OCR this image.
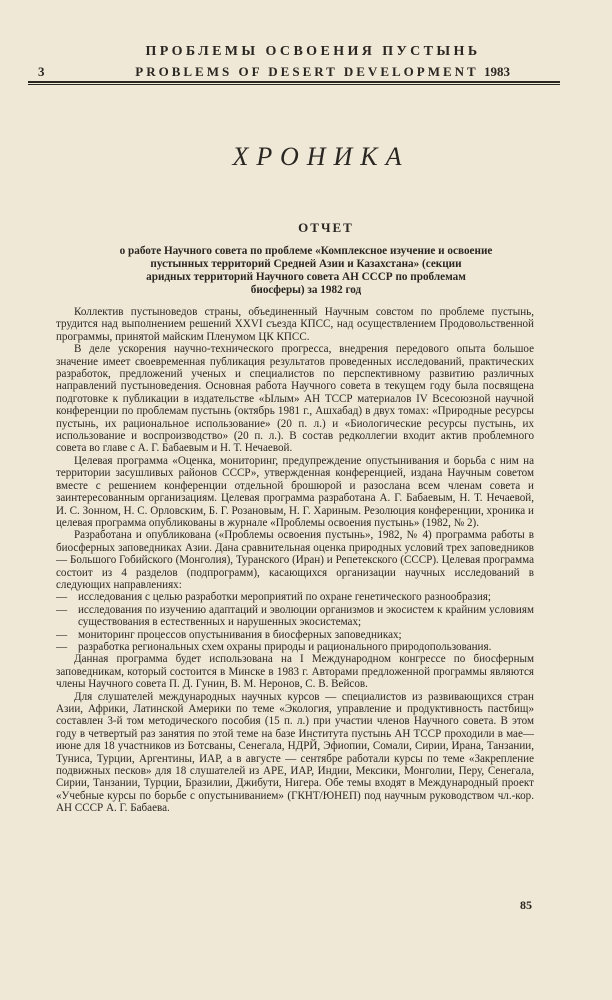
ПРОБЛЕМЫ ОСВОЕНИЯ ПУСТЫНЬ
3	PROBLEMS OF DESERT DEVELOPMENT 1983
ХРОНИКА
ОТЧЕТ
о работе Научного совета по проблеме «Комплексное изучение и освоение
пустынных территорий Средней Азии и Казахстана» (секции
аридных территорий Научного совета АН СССР по проблемам
биосферы) за 1982 год

Коллектив пустыноведов страны, объединенный Научным совстом по проблеме пустынь, трудится над выполнением решений XXVI съезда КПСС, над осуществлением Продовольственной программы, принятой майским Пленумом ЦК КПСС.

В деле ускорения научно-технического прогресса, внедрения передового опыта большое значение имеет своевременная публикация результатов проведенных исследований, практических разработок, предложений ученых и специалистов по перспективному развитию различных направлений пустыноведения. Основная работа Научного совета в текущем году была посвящена подготовке к публикации в издательстве «Ылым» АН ТССР материалов IV Всесоюзной научной конференции по проблемам пустынь (октябрь 1981 г., Ашхабад) в двух томах: «Природные ресурсы пустынь, их рациональное использование» (20 п. л.) и «Биологические ресурсы пустынь, их использование и воспроизводство» (20 п. л.). В состав редколлегии входит актив проблемного совета во главе с А. Г. Бабаевым и Н. Т. Нечаевой.

Целевая программа «Оценка, мониторинг, предупреждение опустынивания и борьба с ним на территории засушливых районов СССР», утвержденная конференцией, издана Научным советом вместе с решением конференции отдельной брошюрой и разослана всем членам совета и заинтересованным организациям. Целевая программа разработана А. Г. Бабаевым, Н. Т. Нечаевой, И. С. Зонном, Н. С. Орловским, Б. Г. Розановым, Н. Г. Хариным. Резолюция конференции, хроника и целевая программа опубликованы в журнале «Проблемы освоения пустынь» (1982, № 2).

Разработана и опубликована («Проблемы освоения пустынь», 1982, № 4) программа работы в биосферных заповедниках Азии. Дана сравнительная оценка природных условий трех заповедников — Большого Гобийского (Монголия), Туранского (Иран) и Репетекского (СССР). Целевая программа состоит из 4 разделов (подпрограмм), касающихся организации научных исследований в следующих направлениях:

— исследования с целью разработки мероприятий по охране генетического разнообразия;
— исследования по изучению адаптаций и эволюции организмов и экосистем к крайним условиям существования в естественных и нарушенных экосистемах;
— мониторинг процессов опустынивания в биосферных заповедниках;
— разработка региональных схем охраны природы и рационального природопользования.

Данная программа будет использована на I Международном конгрессе по биосферным заповедникам, который состоится в Минске в 1983 г. Авторами предложенной программы являются члены Научного совета П. Д. Гунин, В. М. Неронов, С. В. Вейсов.

Для слушателей международных научных курсов — специалистов из развивающихся стран Азии, Африки, Латинской Америки по теме «Экология, управление и продуктивность пастбищ» составлен 3-й том методического пособия (15 п. л.) при участии членов Научного совета. В этом году в четвертый раз занятия по этой теме на базе Института пустынь АН ТССР проходили в мае—июне для 18 участников из Ботсваны, Сенегала, НДРЙ, Эфиопии, Сомали, Сирии, Ирана, Танзании, Туниса, Турции, Аргентины, ИАР, а в августе — сентябре работали курсы по теме «Закрепление подвижных песков» для 18 слушателей из АРЕ, ИАР, Индии, Мексики, Монголии, Перу, Сенегала, Сирии, Танзании, Турции, Бразилии, Джибути, Нигера. Обе темы входят в Международный проект «Учебные курсы по борьбе с опустыниванием» (ГКНТ/ЮНЕП) под научным руководством чл.-кор. АН СССР А. Г. Бабаева.

85
